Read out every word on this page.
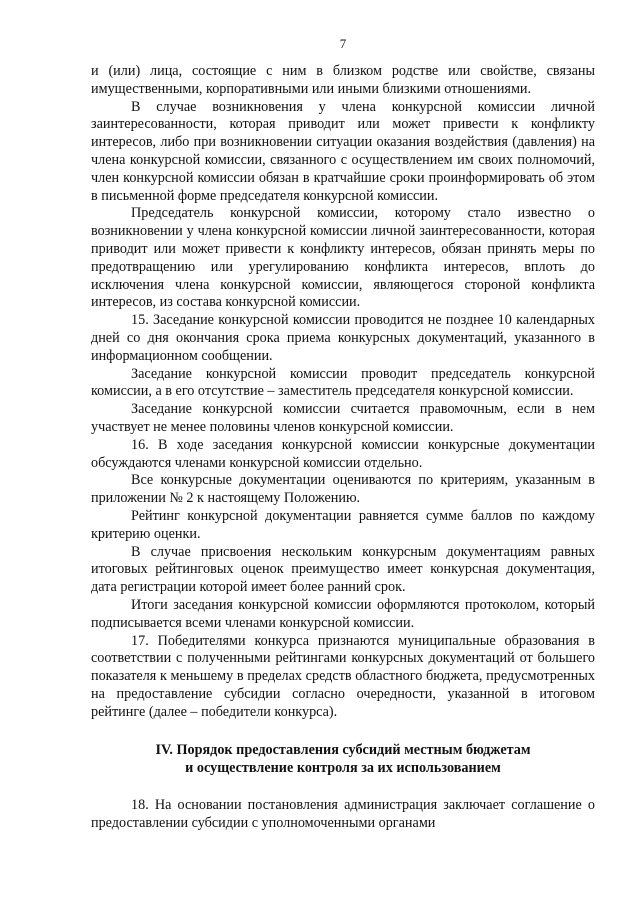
7

и (или) лица, состоящие с ним в близком родстве или свойстве, связаны имущественными, корпоративными или иными близкими отношениями.

В случае возникновения у члена конкурсной комиссии личной заинтересованности, которая приводит или может привести к конфликту интересов, либо при возникновении ситуации оказания воздействия (давления) на члена конкурсной комиссии, связанного с осуществлением им своих полномочий, член конкурсной комиссии обязан в кратчайшие сроки проинформировать об этом в письменной форме председателя конкурсной комиссии.

Председатель конкурсной комиссии, которому стало известно о возникновении у члена конкурсной комиссии личной заинтересованности, которая приводит или может привести к конфликту интересов, обязан принять меры по предотвращению или урегулированию конфликта интересов, вплоть до исключения члена конкурсной комиссии, являющегося стороной конфликта интересов, из состава конкурсной комиссии.

15. Заседание конкурсной комиссии проводится не позднее 10 календарных дней со дня окончания срока приема конкурсных документаций, указанного в информационном сообщении.

Заседание конкурсной комиссии проводит председатель конкурсной комиссии, а в его отсутствие – заместитель председателя конкурсной комиссии.

Заседание конкурсной комиссии считается правомочным, если в нем участвует не менее половины членов конкурсной комиссии.

16. В ходе заседания конкурсной комиссии конкурсные документации обсуждаются членами конкурсной комиссии отдельно.

Все конкурсные документации оцениваются по критериям, указанным в приложении № 2 к настоящему Положению.

Рейтинг конкурсной документации равняется сумме баллов по каждому критерию оценки.

В случае присвоения нескольким конкурсным документациям равных итоговых рейтинговых оценок преимущество имеет конкурсная документация, дата регистрации которой имеет более ранний срок.

Итоги заседания конкурсной комиссии оформляются протоколом, который подписывается всеми членами конкурсной комиссии.

17. Победителями конкурса признаются муниципальные образования в соответствии с полученными рейтингами конкурсных документаций от большего показателя к меньшему в пределах средств областного бюджета, предусмотренных на предоставление субсидии согласно очередности, указанной в итоговом рейтинге (далее – победители конкурса).

IV. Порядок предоставления субсидий местным бюджетам
и осуществление контроля за их использованием

18. На основании постановления администрация заключает соглашение о предоставлении субсидии с уполномоченными органами
